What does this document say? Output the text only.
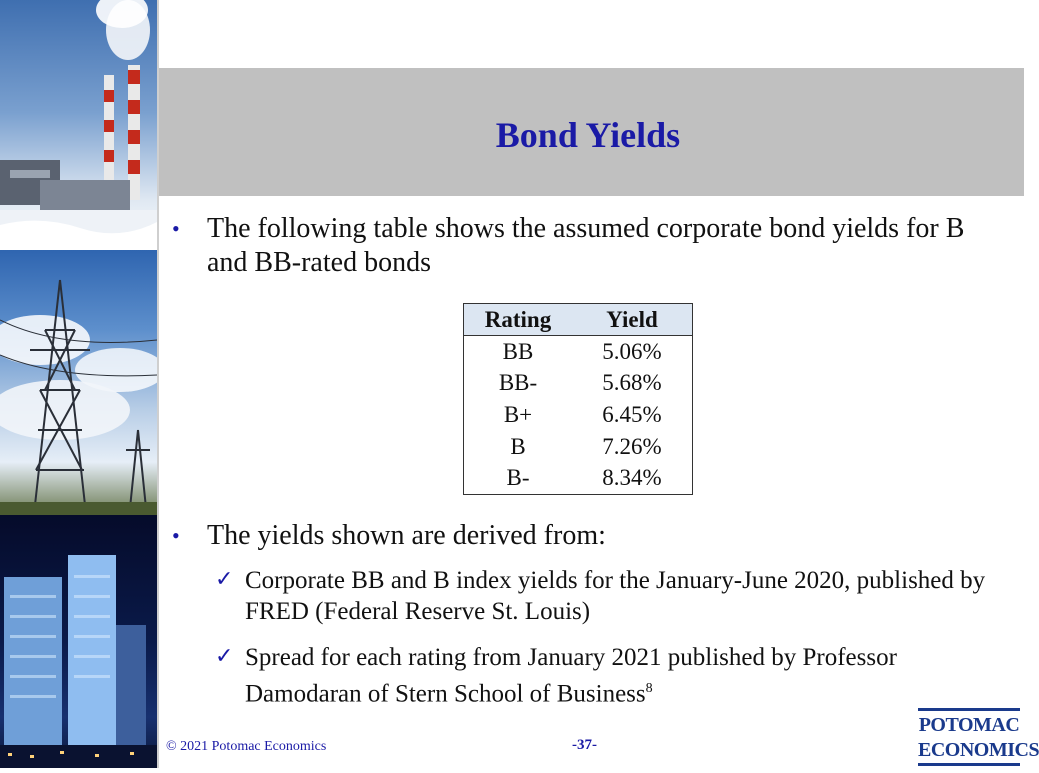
Bond Yields
• The following table shows the assumed corporate bond yields for B and BB-rated bonds
Rating	Yield
BB	5.06%
BB-	5.68%
B+	6.45%
B	7.26%
B-	8.34%
• The yields shown are derived from:
✓ Corporate BB and B index yields for the January-June 2020, published by FRED (Federal Reserve St. Louis)
✓ Spread for each rating from January 2021 published by Professor Damodaran of Stern School of Business$^8$
© 2021 Potomac Economics	-37-
POTOMAC
ECONOMICS
